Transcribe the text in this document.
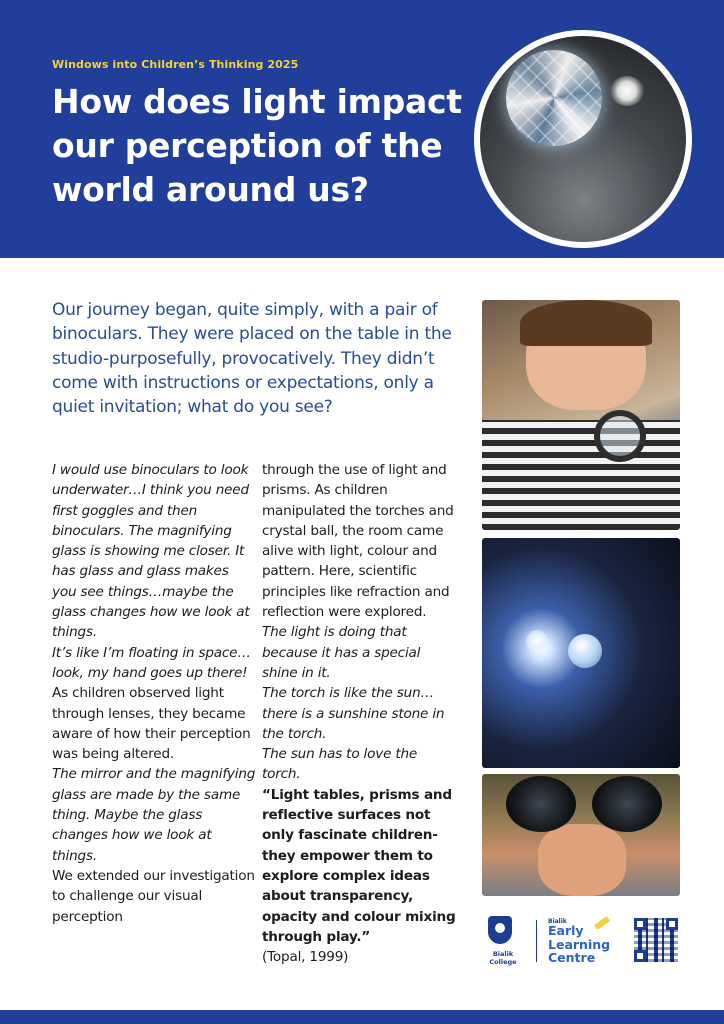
Windows into Children’s Thinking 2025
How does light impact our perception of the world around us?

Our journey began, quite simply, with a pair of binoculars. They were placed on the table in the studio-purposefully, provocatively. They didn’t come with instructions or expectations, only a quiet invitation; what do you see?

I would use binoculars to look underwater…I think you need first goggles and then binoculars. The magnifying glass is showing me closer. It has glass and glass makes you see things…maybe the glass changes how we look at things.

It’s like I’m floating in space…look, my hand goes up there!

As children observed light through lenses, they became aware of how their perception was being altered.

The mirror and the magnifying glass are made by the same thing. Maybe the glass changes how we look at things.

We extended our investigation to challenge our visual perception

through the use of light and prisms. As children manipulated the torches and crystal ball, the room came alive with light, colour and pattern. Here, scientific principles like refraction and reflection were explored.

The light is doing that because it has a special shine in it.

The torch is like the sun… there is a sunshine stone in the torch.

The sun has to love the torch.

“Light tables, prisms and reflective surfaces not only fascinate children- they empower them to explore complex ideas about transparency, opacity and colour mixing through play.”

(Topal, 1999)	Bialik College
Bialik
Early
Learning
Centre
